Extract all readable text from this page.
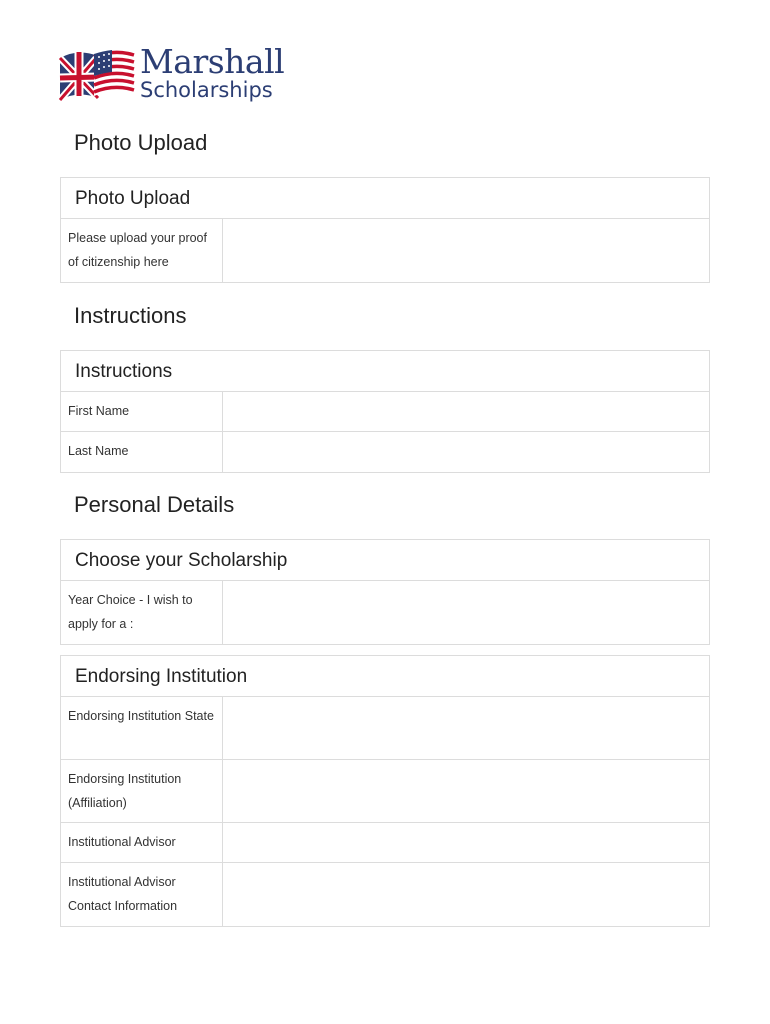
Marshall
Scholarships
Photo Upload
Photo Upload
Please upload your proof of citizenship here
Instructions
Instructions
First Name
Last Name
Personal Details
Choose your Scholarship
Year Choice - I wish to apply for a :
Endorsing Institution
Endorsing Institution State
Endorsing Institution (Affiliation)
Institutional Advisor
Institutional Advisor Contact Information
